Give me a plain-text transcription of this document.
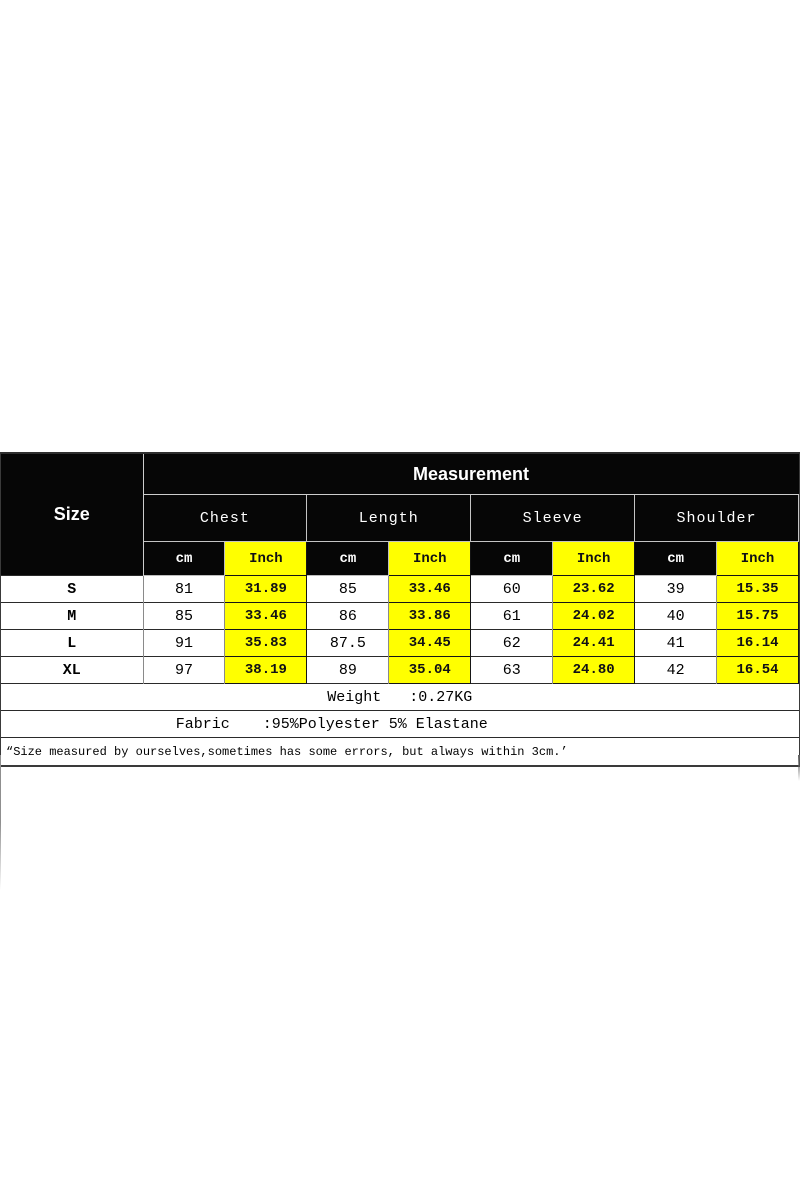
Size	Measurement							
	Chest		Length		Sleeve		Shoulder	
	cm	Inch	cm	Inch	cm	Inch	cm	Inch
S	81	31.89	85	33.46	60	23.62	39	15.35
M	85	33.46	86	33.86	61	24.02	40	15.75
L	91	35.83	87.5	34.45	62	24.41	41	16.14
XL	97	38.19	89	35.04	63	24.80	42	16.54

Weight :0.27KG								

Fabric :95%Polyester 5% Elastane								

“Size measured by ourselves,sometimes has some errors, but always within 3cm.’								
